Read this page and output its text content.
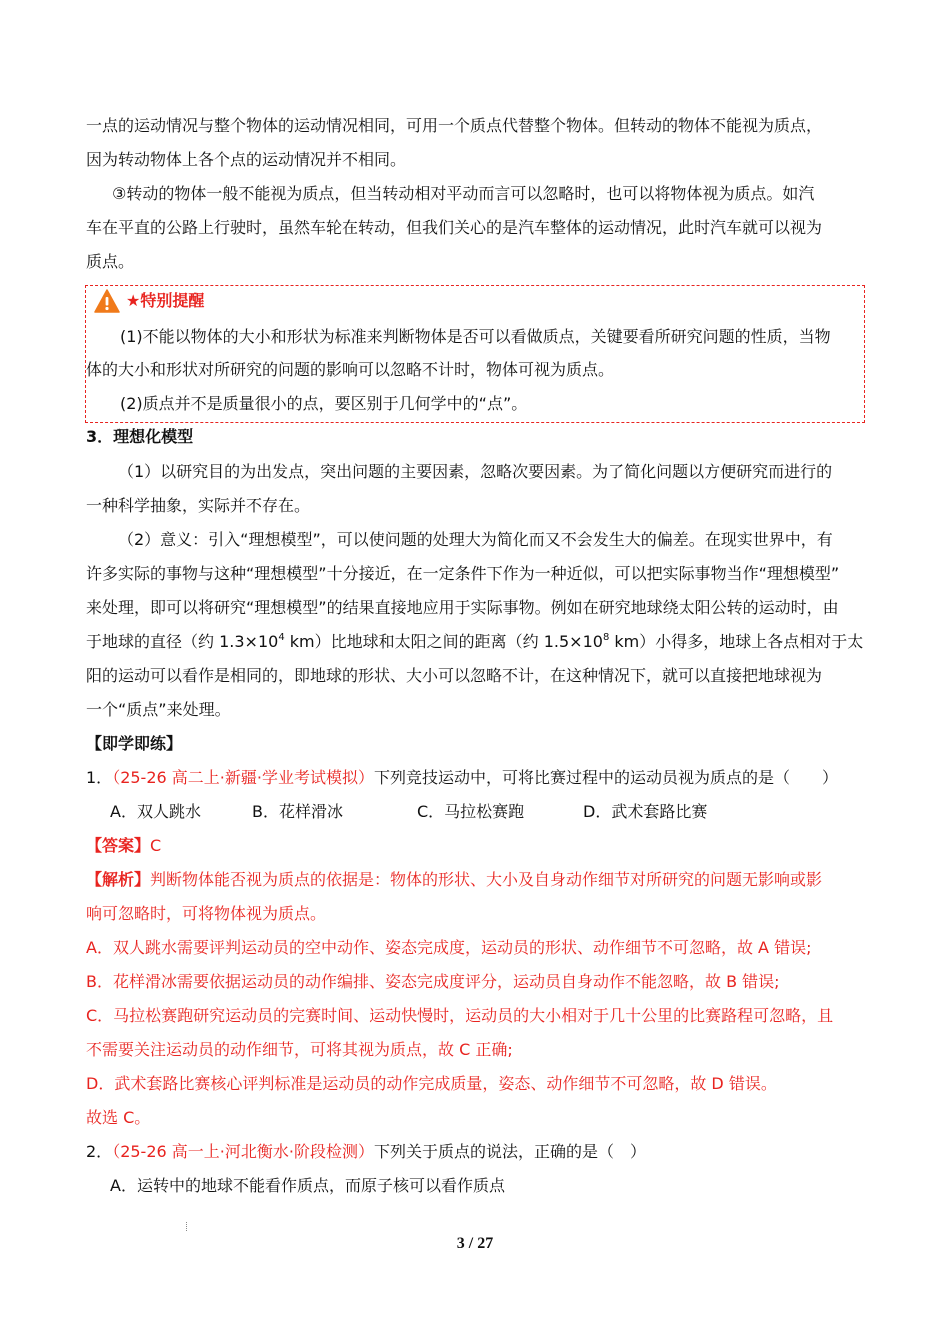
一点的运动情况与整个物体的运动情况相同，可用一个质点代替整个物体。但转动的物体不能视为质点，
因为转动物体上各个点的运动情况并不相同。
③转动的物体一般不能视为质点，但当转动相对平动而言可以忽略时，也可以将物体视为质点。如汽
车在平直的公路上行驶时，虽然车轮在转动，但我们关心的是汽车整体的运动情况，此时汽车就可以视为
质点。
★特别提醒
(1)不能以物体的大小和形状为标准来判断物体是否可以看做质点，关键要看所研究问题的性质，当物
体的大小和形状对所研究的问题的影响可以忽略不计时，物体可视为质点。
(2)质点并不是质量很小的点，要区别于几何学中的“点”。
3．理想化模型
（1）以研究目的为出发点，突出问题的主要因素，忽略次要因素。为了简化问题以方便研究而进行的
一种科学抽象，实际并不存在。
（2）意义：引入“理想模型”，可以使问题的处理大为简化而又不会发生大的偏差。在现实世界中，有
许多实际的事物与这种“理想模型”十分接近，在一定条件下作为一种近似，可以把实际事物当作“理想模型”
来处理，即可以将研究“理想模型”的结果直接地应用于实际事物。例如在研究地球绕太阳公转的运动时，由
于地球的直径（约 $1.3\times 10^4$ km）比地球和太阳之间的距离（约 $1.5\times 10^8$ km）小得多，地球上各点相对于太
阳的运动可以看作是相同的，即地球的形状、大小可以忽略不计，在这种情况下，就可以直接把地球视为
一个“质点”来处理。
【即学即练】
1．（25-26 高二上·新疆·学业考试模拟）下列竞技运动中，可将比赛过程中的运动员视为质点的是（　　）
A．双人跳水	B．花样滑冰	C．马拉松赛跑	D．武术套路比赛
【答案】C
【解析】判断物体能否视为质点的依据是：物体的形状、大小及自身动作细节对所研究的问题无影响或影
响可忽略时，可将物体视为质点。
A．双人跳水需要评判运动员的空中动作、姿态完成度，运动员的形状、动作细节不可忽略，故 A 错误;
B．花样滑冰需要依据运动员的动作编排、姿态完成度评分，运动员自身动作不能忽略，故 B 错误;
C．马拉松赛跑研究运动员的完赛时间、运动快慢时，运动员的大小相对于几十公里的比赛路程可忽略，且
不需要关注运动员的动作细节，可将其视为质点，故 C 正确;
D．武术套路比赛核心评判标准是运动员的动作完成质量，姿态、动作细节不可忽略，故 D 错误。
故选 C。
2．（25-26 高一上·河北衡水·阶段检测）下列关于质点的说法，正确的是（　）
A．运转中的地球不能看作质点，而原子核可以看作质点
3 / 27
